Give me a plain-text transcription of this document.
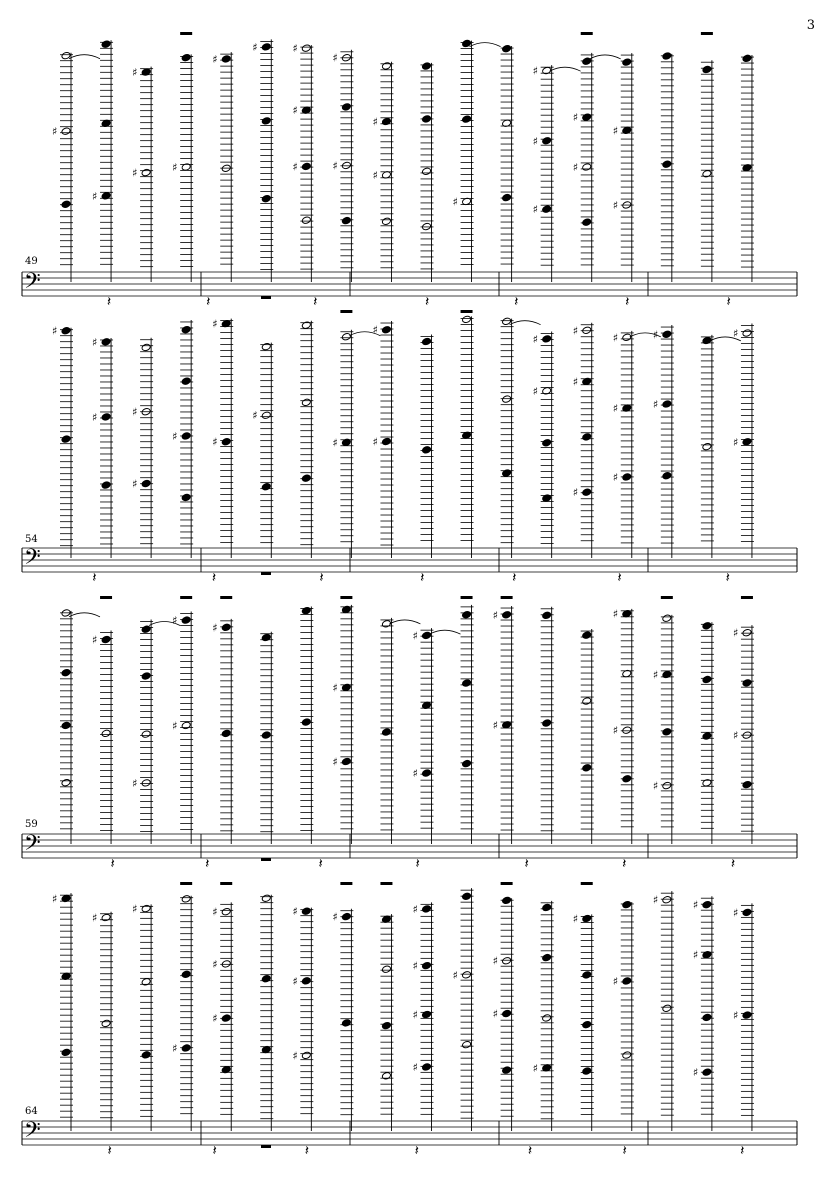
3
49
54
59
64
𝄢
♯
♯
♯
♯	♯
♯
♯	♯
♯
♯
♯
♯
♯
♯
♯
♯
♯
♯
♯
♯
♯
♯
𝄽	𝄽	𝄽	𝄽	𝄽	𝄽	𝄽
𝄢
♯
♯
♯	♯
♯
♯
♯
♯
♯
♯
♯
♯
♯
♯
♯
♯
♯
♯
♯
♯
♯
♯
♯
♯
𝄽	𝄽	𝄽	𝄽	𝄽	𝄽	𝄽
𝄢
♯
♯
♯
♯
♯
♯
♯
♯
♯
♯
♯
♯
♯
♯
♯
♯
♯
𝄽	𝄽	𝄽	𝄽	𝄽	𝄽	𝄽
𝄢
♯
♯
♯
♯
♯
♯
♯
♯
♯
♯
♯
♯
♯
♯
♯
♯
♯
♯
♯
♯
♯
♯	♯
♯
♯
♯
♯
𝄽	𝄽	𝄽	𝄽	𝄽	𝄽	𝄽
